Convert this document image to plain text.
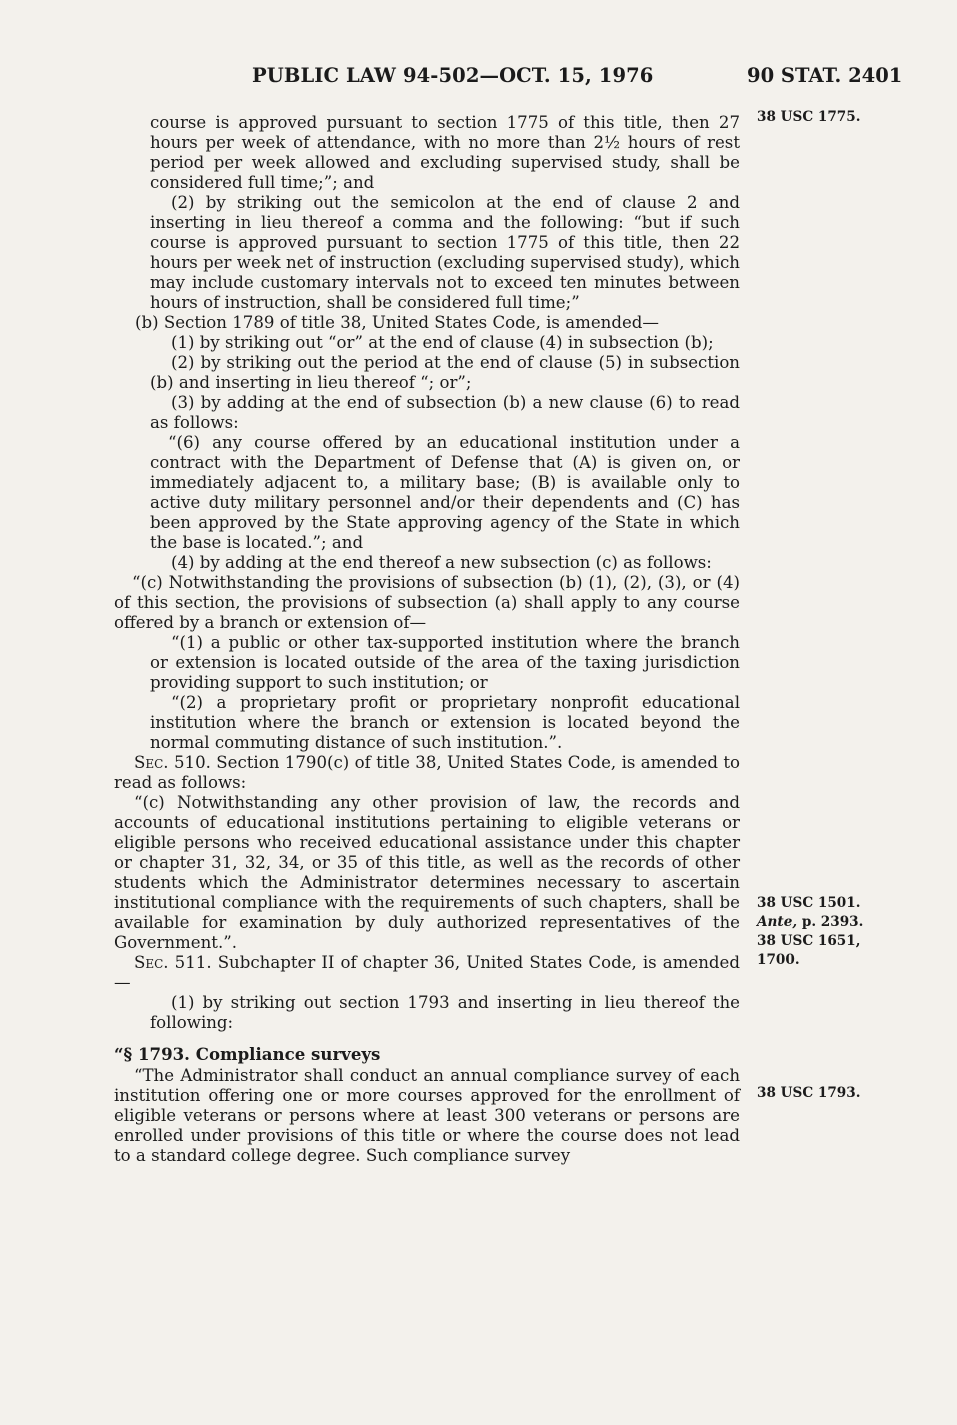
PUBLIC LAW 94-502—OCT. 15, 1976	90 STAT. 2401

course is approved pursuant to section 1775 of this title, then 27 hours per week of attendance, with no more than 2½ hours of rest period per week allowed and excluding supervised study, shall be considered full time;”; and

(2) by striking out the semicolon at the end of clause 2 and inserting in lieu thereof a comma and the following: “but if such course is approved pursuant to section 1775 of this title, then 22 hours per week net of instruction (excluding supervised study), which may include customary intervals not to exceed ten minutes between hours of instruction, shall be considered full time;”

(b) Section 1789 of title 38, United States Code, is amended—

(1) by striking out “or” at the end of clause (4) in subsection (b);

(2) by striking out the period at the end of clause (5) in subsection (b) and inserting in lieu thereof “; or”;

(3) by adding at the end of subsection (b) a new clause (6) to read as follows:

“(6) any course offered by an educational institution under a contract with the Department of Defense that (A) is given on, or immediately adjacent to, a military base; (B) is available only to active duty military personnel and/or their dependents and (C) has been approved by the State approving agency of the State in which the base is located.”; and

(4) by adding at the end thereof a new subsection (c) as follows:

“(c) Notwithstanding the provisions of subsection (b) (1), (2), (3), or (4) of this section, the provisions of subsection (a) shall apply to any course offered by a branch or extension of—

“(1) a public or other tax-supported institution where the branch or extension is located outside of the area of the taxing jurisdiction providing support to such institution; or

“(2) a proprietary profit or proprietary nonprofit educational institution where the branch or extension is located beyond the normal commuting distance of such institution.”.

Sec. 510. Section 1790(c) of title 38, United States Code, is amended to read as follows:

“(c) Notwithstanding any other provision of law, the records and accounts of educational institutions pertaining to eligible veterans or eligible persons who received educational assistance under this chapter or chapter 31, 32, 34, or 35 of this title, as well as the records of other students which the Administrator determines necessary to ascertain institutional compliance with the requirements of such chapters, shall be available for examination by duly authorized representatives of the Government.”.

Sec. 511. Subchapter II of chapter 36, United States Code, is amended—

(1) by striking out section 1793 and inserting in lieu thereof the following:

“§ 1793. Compliance surveys

“The Administrator shall conduct an annual compliance survey of each institution offering one or more courses approved for the enrollment of eligible veterans or persons where at least 300 veterans or persons are enrolled under provisions of this title or where the course does not lead to a standard college degree. Such compliance survey

38 USC 1775.
38 USC 1501.
Ante, p. 2393.
38 USC 1651,
1700.
38 USC 1793.
